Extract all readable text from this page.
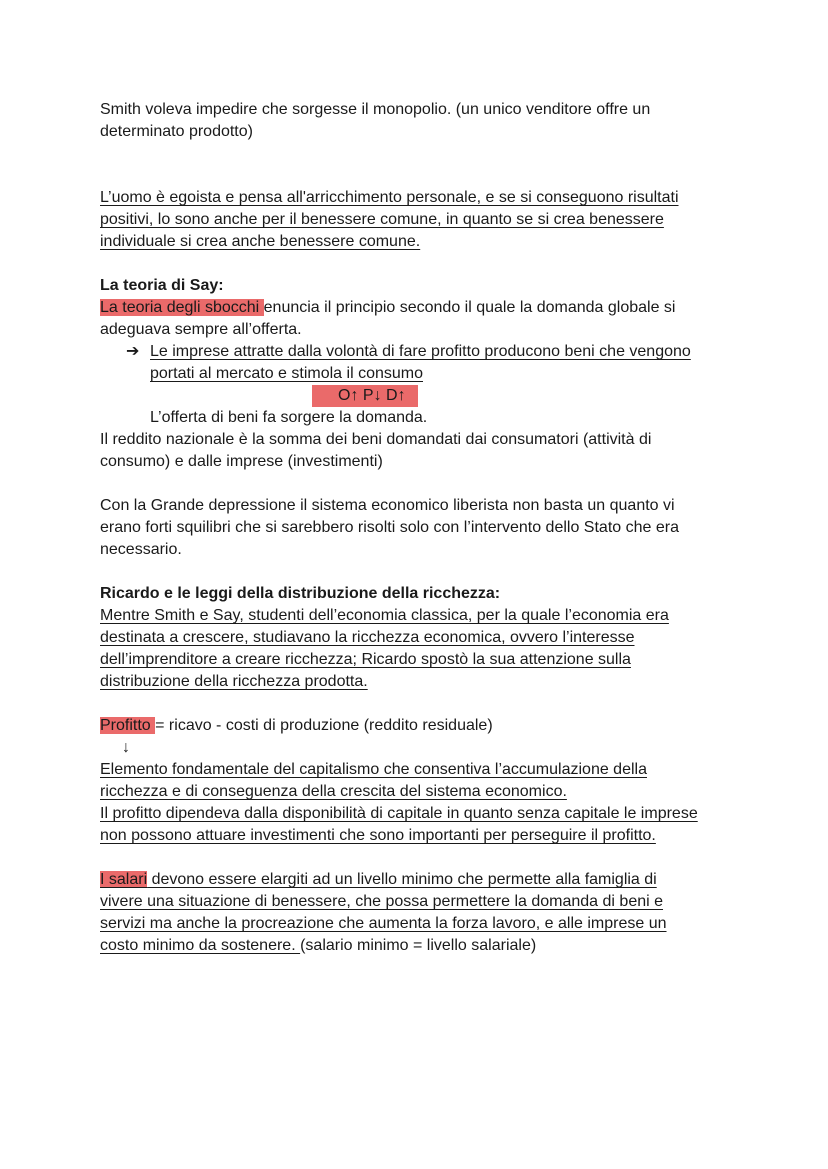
Smith voleva impedire che sorgesse il monopolio. (un unico venditore offre un
determinato prodotto)
L’uomo è egoista e pensa all'arricchimento personale, e se si conseguono risultati
positivi, lo sono anche per il benessere comune, in quanto se si crea benessere
individuale si crea anche benessere comune.
La teoria di Say:
La teoria degli sbocchi enuncia il principio secondo il quale la domanda globale si
adeguava sempre all’offerta.
➔ Le imprese attratte dalla volontà di fare profitto producono beni che vengono
portati al mercato e stimola il consumo
O↑ P↓ D↑
L’offerta di beni fa sorgere la domanda.
Il reddito nazionale è la somma dei beni domandati dai consumatori (attività di
consumo) e dalle imprese (investimenti)
Con la Grande depressione il sistema economico liberista non basta un quanto vi
erano forti squilibri che si sarebbero risolti solo con l’intervento dello Stato che era
necessario.
Ricardo e le leggi della distribuzione della ricchezza:
Mentre Smith e Say, studenti dell’economia classica, per la quale l’economia era
destinata a crescere, studiavano la ricchezza economica, ovvero l’interesse
dell’imprenditore a creare ricchezza; Ricardo spostò la sua attenzione sulla
distribuzione della ricchezza prodotta.
Profitto = ricavo - costi di produzione (reddito residuale)
↓
Elemento fondamentale del capitalismo che consentiva l’accumulazione della
ricchezza e di conseguenza della crescita del sistema economico.
Il profitto dipendeva dalla disponibilità di capitale in quanto senza capitale le imprese
non possono attuare investimenti che sono importanti per perseguire il profitto.
I salari devono essere elargiti ad un livello minimo che permette alla famiglia di
vivere una situazione di benessere, che possa permettere la domanda di beni e
servizi ma anche la procreazione che aumenta la forza lavoro, e alle imprese un
costo minimo da sostenere. (salario minimo = livello salariale)
